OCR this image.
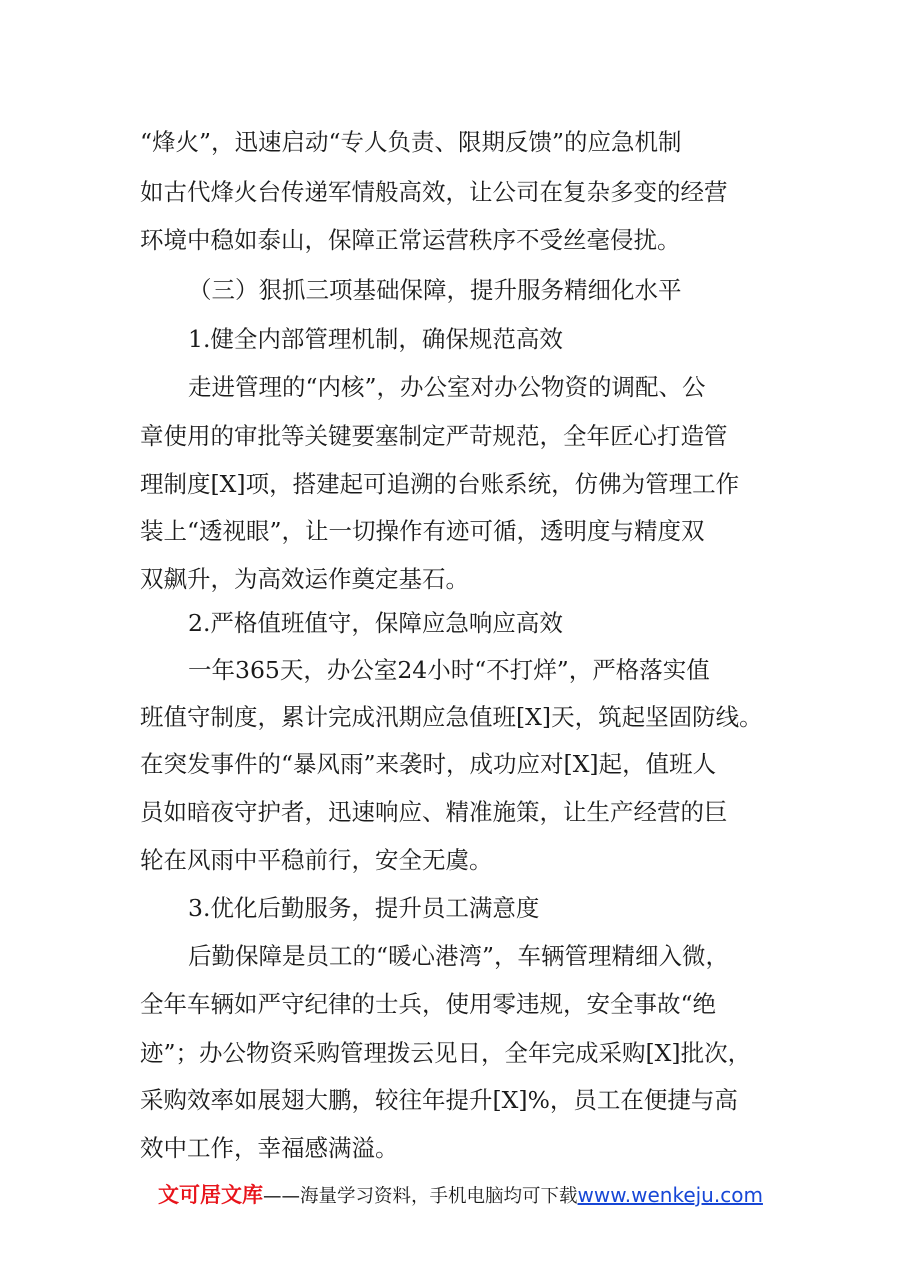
“烽火”，迅速启动“专人负责、限期反馈”的应急机制
如古代烽火台传递军情般高效，让公司在复杂多变的经营
环境中稳如泰山，保障正常运营秩序不受丝毫侵扰。
（三）狠抓三项基础保障，提升服务精细化水平
1.健全内部管理机制，确保规范高效
走进管理的“内核”，办公室对办公物资的调配、公
章使用的审批等关键要塞制定严苛规范，全年匠心打造管
理制度[X]项，搭建起可追溯的台账系统，仿佛为管理工作
装上“透视眼”，让一切操作有迹可循，透明度与精度双
双飙升，为高效运作奠定基石。
2.严格值班值守，保障应急响应高效
一年365天，办公室24小时“不打烊”，严格落实值
班值守制度，累计完成汛期应急值班[X]天，筑起坚固防线。
在突发事件的“暴风雨”来袭时，成功应对[X]起，值班人
员如暗夜守护者，迅速响应、精准施策，让生产经营的巨
轮在风雨中平稳前行，安全无虞。
3.优化后勤服务，提升员工满意度
后勤保障是员工的“暖心港湾”，车辆管理精细入微，
全年车辆如严守纪律的士兵，使用零违规，安全事故“绝
迹”；办公物资采购管理拨云见日，全年完成采购[X]批次，
采购效率如展翅大鹏，较往年提升[X]%，员工在便捷与高
效中工作，幸福感满溢。
文可居文库——海量学习资料，手机电脑均可下载www.wenkeju.com
